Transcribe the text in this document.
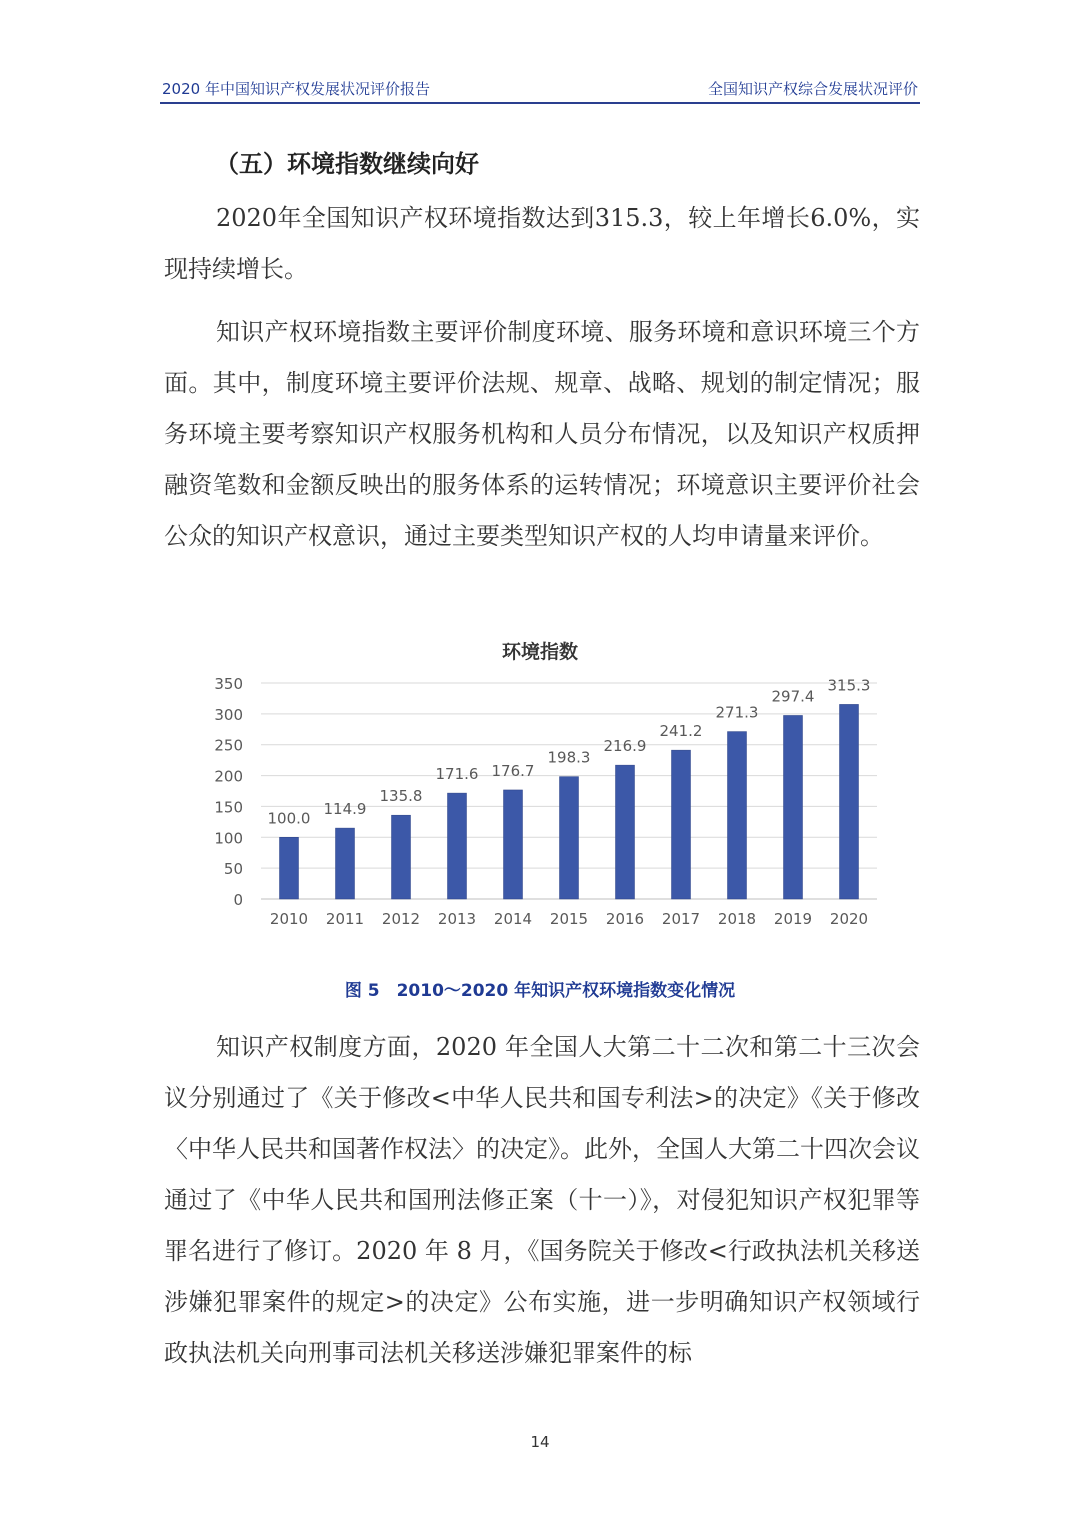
2020 年中国知识产权发展状况评价报告	全国知识产权综合发展状况评价
（五）环境指数继续向好
2020年全国知识产权环境指数达到315.3，较上年增长6.0%，实现持续增长。
知识产权环境指数主要评价制度环境、服务环境和意识环境三个方面。其中，制度环境主要评价法规、规章、战略、规划的制定情况；服务环境主要考察知识产权服务机构和人员分布情况，以及知识产权质押融资笔数和金额反映出的服务体系的运转情况；环境意识主要评价社会公众的知识产权意识，通过主要类型知识产权的人均申请量来评价。
环境指数
0
50
100
150
200
250
300
350
100.0
2010
114.9
2011
135.8
2012
171.6
2013
176.7
2014
198.3
2015
216.9
2016
241.2
2017
271.3
2018
297.4
2019
315.3
2020
图 5　2010～2020 年知识产权环境指数变化情况
知识产权制度方面，2020 年全国人大第二十二次和第二十三次会议分别通过了《关于修改<中华人民共和国专利法>的决定》《关于修改〈中华人民共和国著作权法〉的决定》。此外，全国人大第二十四次会议通过了《中华人民共和国刑法修正案（十一）》，对侵犯知识产权犯罪等罪名进行了修订。2020 年 8 月，《国务院关于修改<行政执法机关移送涉嫌犯罪案件的规定>的决定》公布实施，进一步明确知识产权领域行政执法机关向刑事司法机关移送涉嫌犯罪案件的标
14
